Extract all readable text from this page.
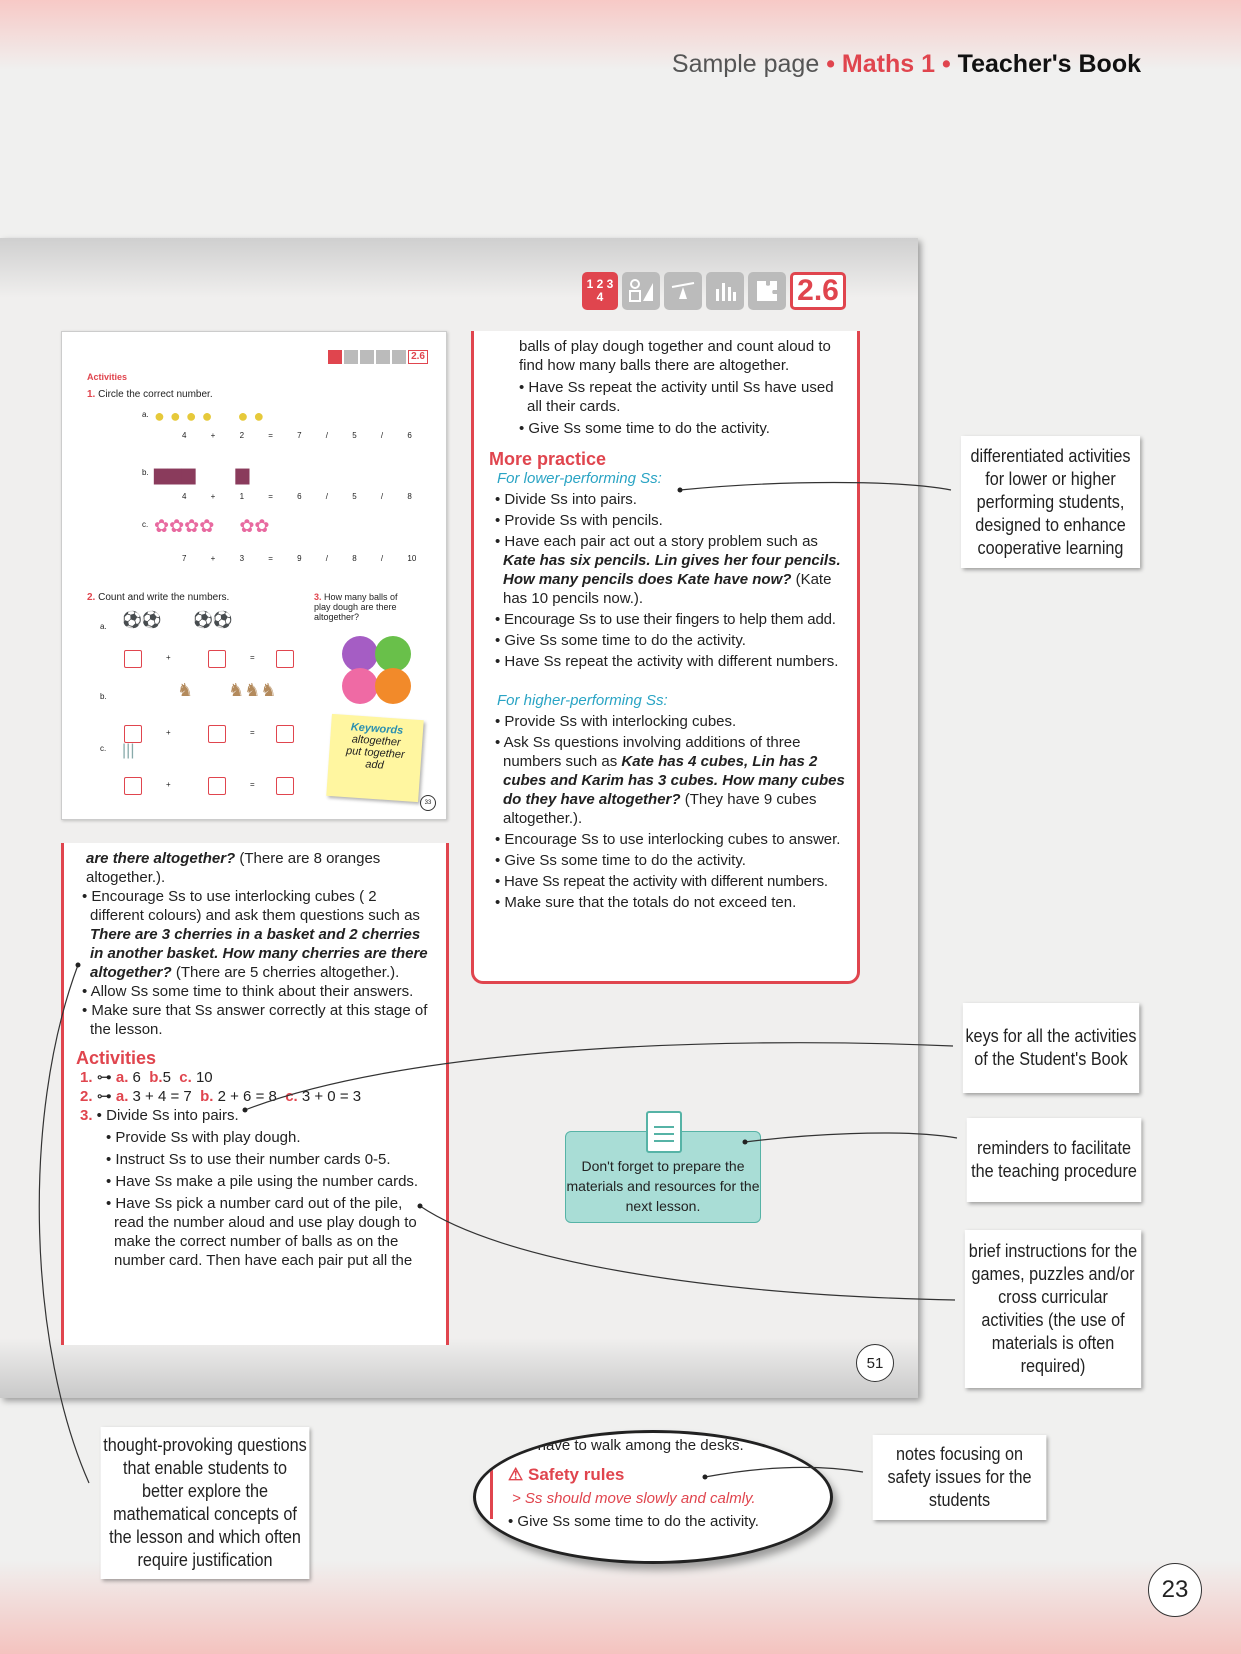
Sample page • Maths 1 • Teacher's Book
1 2 3 4	2.6
2.6
Activities
1. Circle the correct number.
a. ● ● ● ●     ● ●
4 + 2 = 7 / 5 / 6
b. ▆▆▆        ▆
4 + 1 = 6 / 5 / 8
c. ✿✿✿✿     ✿✿
7 + 3 = 9 / 8 / 10
2. Count and write the numbers.	3. How many balls of play dough are there altogether?
⚽⚽       ⚽⚽
♞       ♞♞♞
|||
a.
b.
c.
+	=
+	=
+	=
Keywords
altogether
put together
add
33

are there altogether? (There are 8 oranges altogether.).

• Encourage Ss to use interlocking cubes ( 2 different colours) and ask them questions such as There are 3 cherries in a basket and 2 cherries in another basket. How many cherries are there altogether? (There are 5 cherries altogether.).

• Allow Ss some time to think about their answers.

• Make sure that Ss answer correctly at this stage of the lesson.

Activities

1. ⊶ a. 6 b.5 c. 10

2. ⊶ a. 3 + 4 = 7 b. 2 + 6 = 8 c. 3 + 0 = 3

3. • Divide Ss into pairs.

• Provide Ss with play dough.

• Instruct Ss to use their number cards 0-5.

• Have Ss make a pile using the number cards.

• Have Ss pick a number card out of the pile, read the number aloud and use play dough to make the correct number of balls as on the number card. Then have each pair put all the

balls of play dough together and count aloud to find how many balls there are altogether.

• Have Ss repeat the activity until Ss have used all their cards.

• Give Ss some time to do the activity.

More practice

For lower-performing Ss:

• Divide Ss into pairs.

• Provide Ss with pencils.

• Have each pair act out a story problem such as Kate has six pencils. Lin gives her four pencils. How many pencils does Kate have now? (Kate has 10 pencils now.).

• Encourage Ss to use their fingers to help them add.

• Give Ss some time to do the activity.

• Have Ss repeat the activity with different numbers.

For higher-performing Ss:

• Provide Ss with interlocking cubes.

• Ask Ss questions involving additions of three numbers such as Kate has 4 cubes, Lin has 2 cubes and Karim has 3 cubes. How many cubes do they have altogether? (They have 9 cubes altogether.).

• Encourage Ss to use interlocking cubes to answer.

• Give Ss some time to do the activity.

• Have Ss repeat the activity with different numbers.

• Make sure that the totals do not exceed ten.

Don't forget to prepare the materials and resources for the next lesson.
51
23
Ss have to walk among the desks.
⚠ Safety rules
> Ss should move slowly and calmly.
• Give Ss some time to do the activity.
differentiated activities for lower or higher performing students, designed to enhance cooperative learning
keys for all the activities of the Student's Book
reminders to facilitate the teaching procedure
brief instructions for the games, puzzles and/or cross curricular activities (the use of materials is often required)
thought-provoking questions that enable students to better explore the mathematical concepts of the lesson and which often require justification
notes focusing on safety issues for the students
